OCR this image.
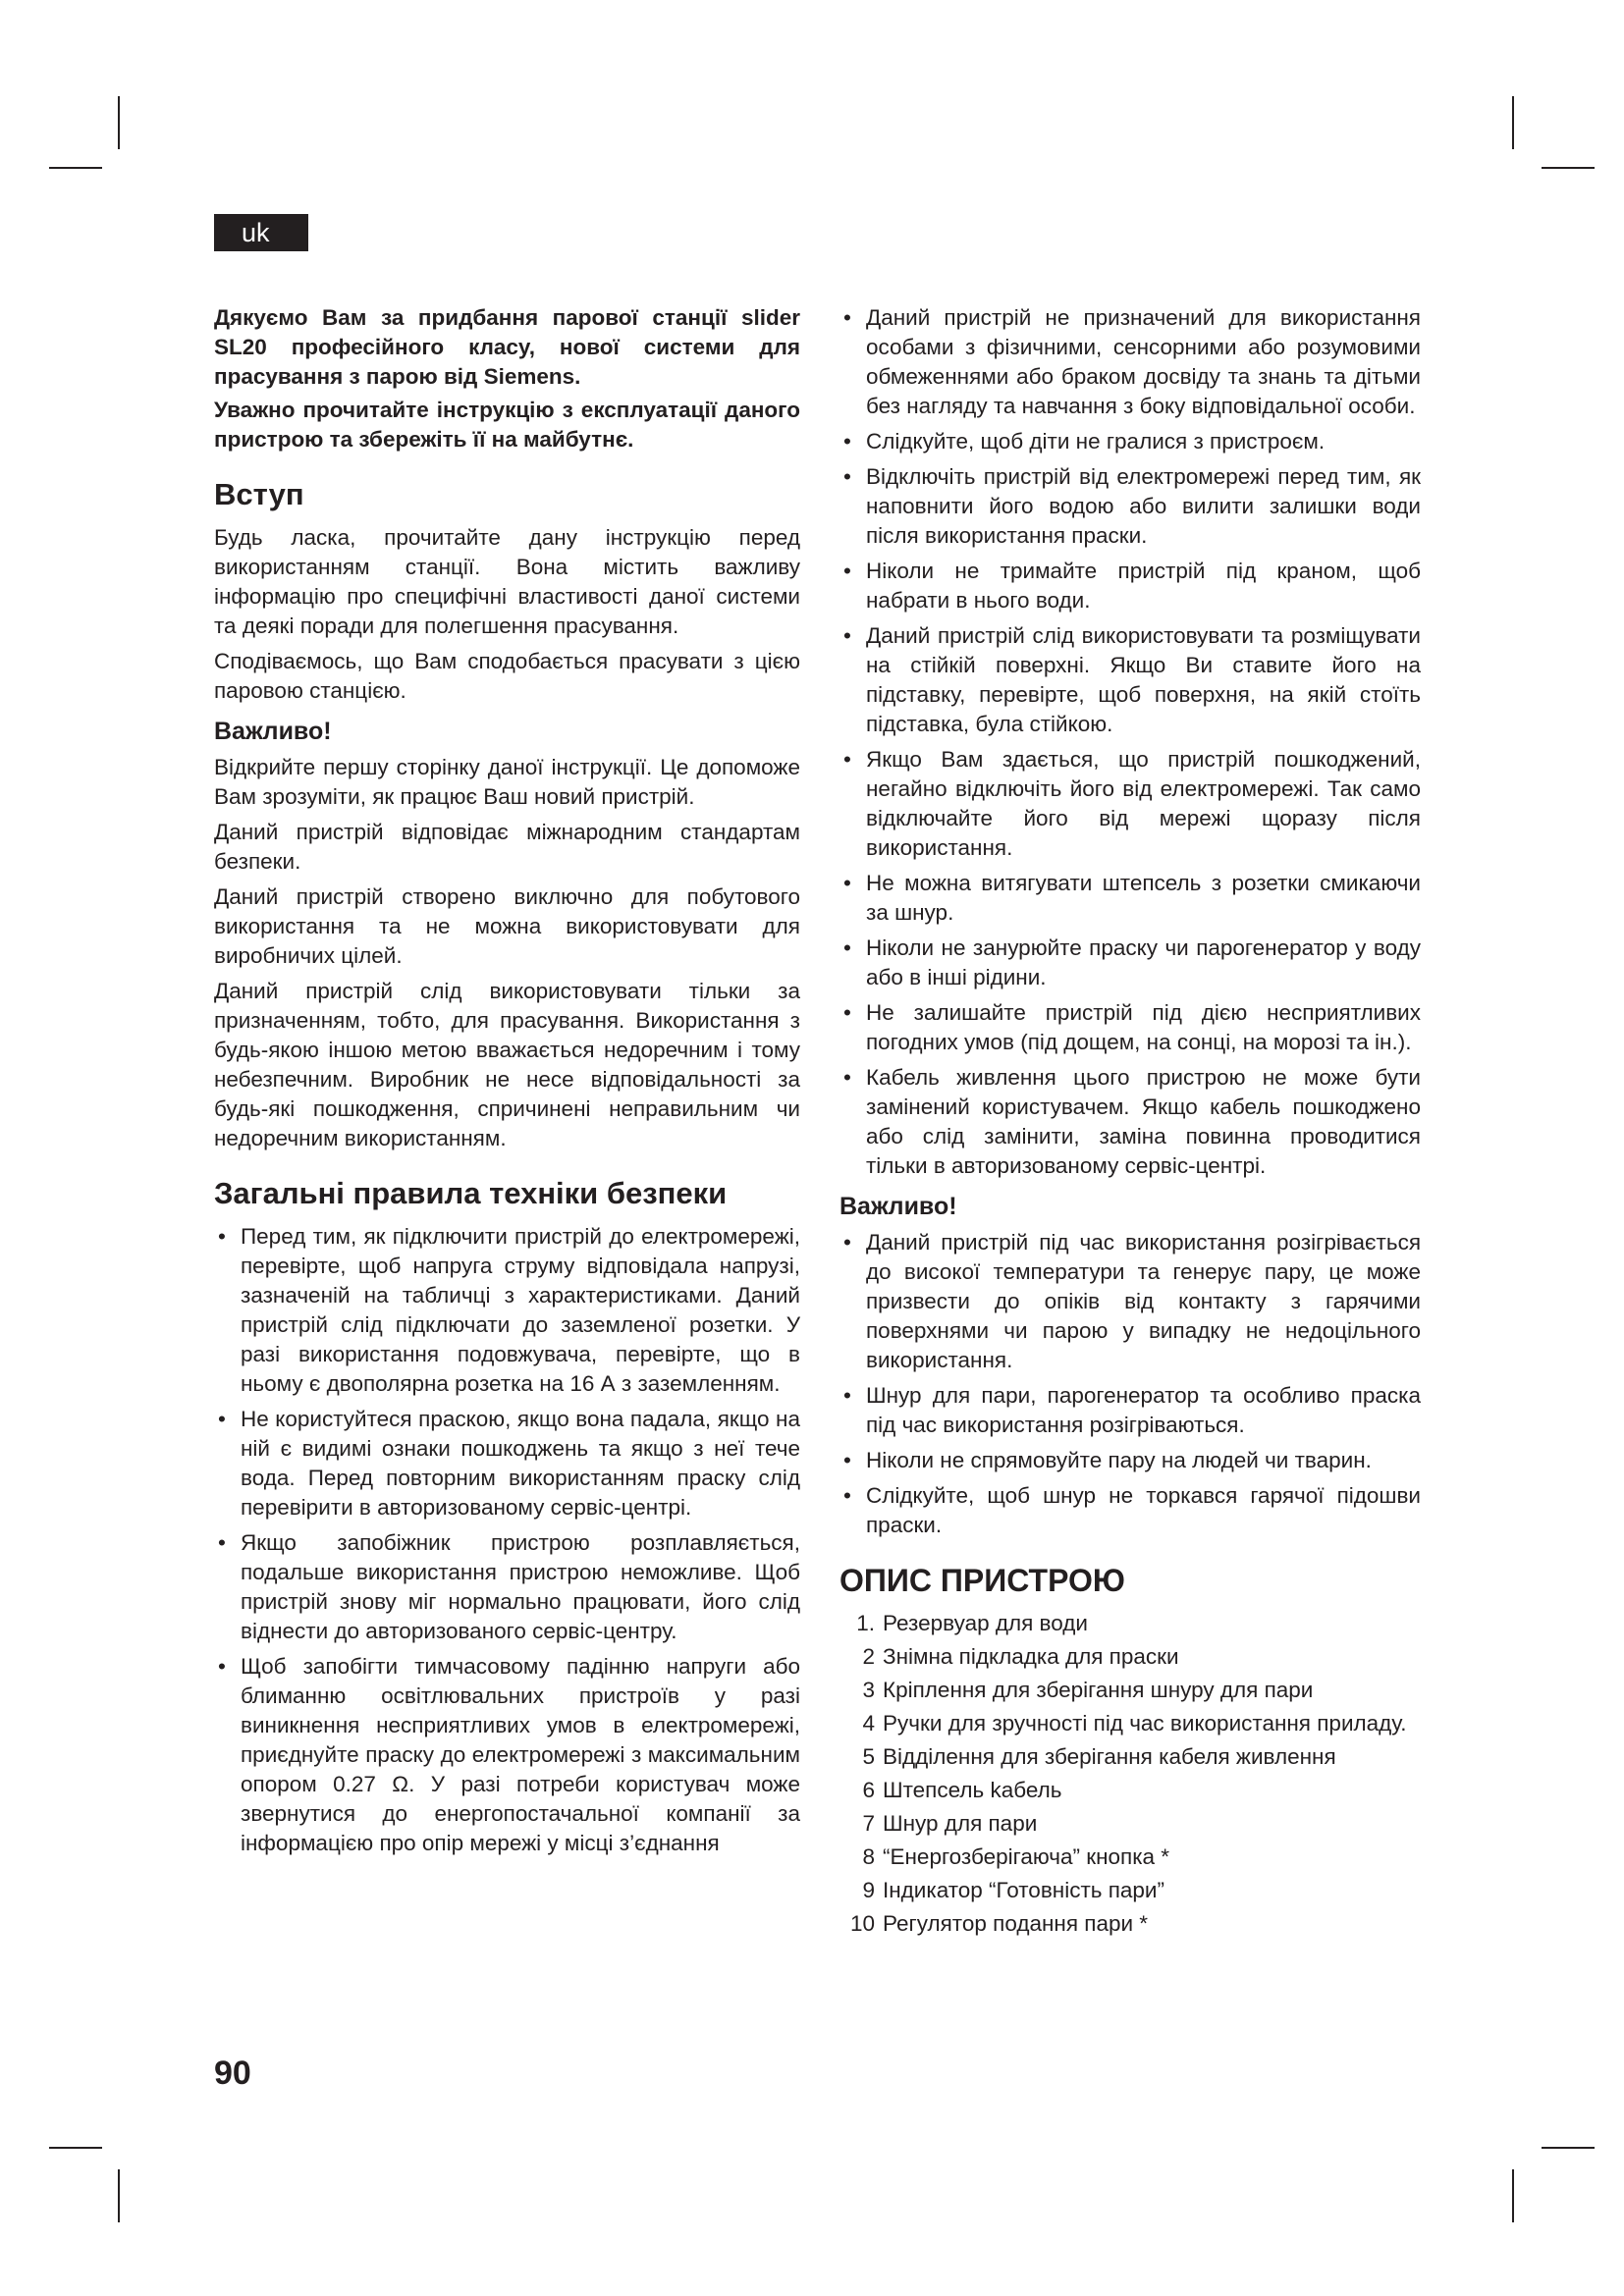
uk

Дякуємо Вам за придбання парової станції slider SL20 професійного класу, нової системи для прасування з парою від Siemens.

Уважно прочитайте інструкцію з експлуатації даного пристрою та збережіть її на майбутнє.

Вступ

Будь ласка, прочитайте дану інструкцію перед використанням станції. Вона містить важливу інформацію про специфічні властивості даної системи та деякі поради для полегшення прасування.

Сподіваємось, що Вам сподобається прасувати з цією паровою станцією.

Важливо!

Відкрийте першу сторінку даної інструкції. Це допоможе Вам зрозуміти, як працює Ваш новий пристрій.

Даний пристрій відповідає міжнародним стандартам безпеки.

Даний пристрій створено виключно для побутового використання та не можна використовувати для виробничих цілей.

Даний пристрій слід використовувати тільки за призначенням, тобто, для прасування. Використання з будь-якою іншою метою вважається недоречним і тому небезпечним. Виробник не несе відповідальності за будь-які пошкодження, спричинені неправильним чи недоречним використанням.

Загальні правила техніки безпеки
• Перед тим, як підключити пристрій до електромережі, перевірте, щоб напруга струму відповідала напрузі, зазначеній на табличці з характеристиками. Даний пристрій слід підключати до заземленої розетки. У разі використання подовжувача, перевірте, що в ньому є двополярна розетка на 16 А з заземленням.
• Не користуйтеся праскою, якщо вона падала, якщо на ній є видимі ознаки пошкоджень та якщо з неї тече вода. Перед повторним використанням праску слід перевірити в авторизованому сервіс-центрі.
• Якщо запобіжник пристрою розплавляється, подальше використання пристрою неможливе. Щоб пристрій знову міг нормально працювати, його слід віднести до авторизованого сервіс-центру.
• Щоб запобігти тимчасовому падінню напруги або блиманню освітлювальних пристроїв у разі виникнення несприятливих умов в електромережі, приєднуйте праску до електромережі з максимальним опором 0.27 Ω. У разі потреби користувач може звернутися до енергопостачальної компанії за інформацією про опір мережі у місці з’єднання
• Даний пристрій не призначений для використання особами з фізичними, сенсорними або розумовими обмеженнями або браком досвіду та знань та дітьми без нагляду та навчання з боку відповідальної особи.
• Слідкуйте, щоб діти не гралися з пристроєм.
• Відключіть пристрій від електромережі перед тим, як наповнити його водою або вилити залишки води після використання праски.
• Ніколи не тримайте пристрій під краном, щоб набрати в нього води.
• Даний пристрій слід використовувати та розміщувати на стійкій поверхні. Якщо Ви ставите його на підставку, перевірте, щоб поверхня, на якій стоїть підставка, була стійкою.
• Якщо Вам здається, що пристрій пошкоджений, негайно відключіть його від електромережі. Так само відключайте його від мережі щоразу після використання.
• Не можна витягувати штепсель з розетки смикаючи за шнур.
• Ніколи не занурюйте праску чи парогенератор у воду або в інші рідини.
• Не залишайте пристрій під дією несприятливих погодних умов (під дощем, на сонці, на морозі та ін.).
• Кабель живлення цього пристрою не може бути замінений користувачем. Якщо кабель пошкоджено або слід замінити, заміна повинна проводитися тільки в авторизованому сервіс-центрі.
Важливо!
• Даний пристрій під час використання розігрівається до високої температури та генерує пару, це може призвести до опіків від контакту з гарячими поверхнями чи парою у випадку не недоцільного використання.
• Шнур для пари, парогенератор та особливо праска під час використання розігріваються.
• Ніколи не спрямовуйте пару на людей чи тварин.
• Слідкуйте, щоб шнур не торкався гарячої підошви праски.
ОПИС ПРИСТРОЮ
1. Резервуар для води
2 Знімна підкладка для праски
3 Кріплення для зберігання шнуру для пари
4 Ручки для зручності під час використання приладу.
5 Відділення для зберігання кабеля живлення
6 Штепсель kабель
7 Шнур для пари
8 “Енергозберігаюча” кнопка *
9 Індикатор “Готовність пари”
10 Регулятор подання пари *
90
